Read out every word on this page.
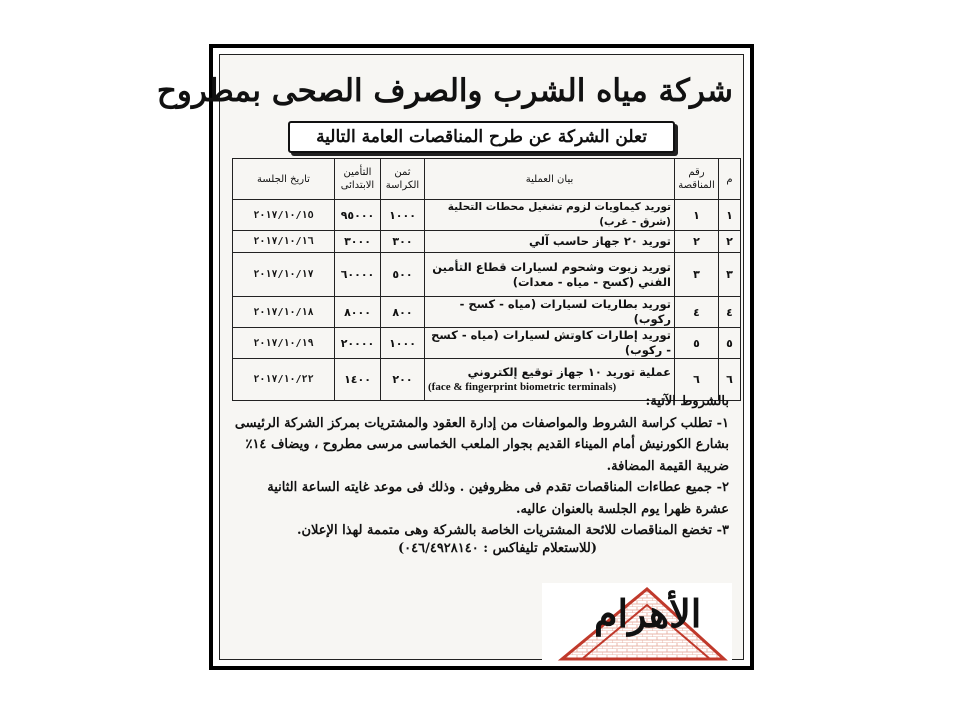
شركة مياه الشرب والصرف الصحى بمطروح
تعلن الشركة عن طرح المناقصات العامة التالية
م	رقم المناقصة	بيان العملية	ثمن الكراسة	التأمين الابتدائى	تاريخ الجلسة
١	١	توريد كيماويات لزوم تشغيل محطات التحلية (شرق - غرب)	١٠٠٠	٩٥٠٠٠	٢٠١٧/١٠/١٥
٢	٢	توريد ٢٠ جهاز حاسب آلي	٣٠٠	٣٠٠٠	٢٠١٧/١٠/١٦
٣	٣	توريد زيوت وشحوم لسيارات قطاع التأمين الفني (كسح - مياه - معدات)	٥٠٠	٦٠٠٠٠	٢٠١٧/١٠/١٧
٤	٤	توريد بطاريات لسيارات (مياه - كسح - ركوب)	٨٠٠	٨٠٠٠	٢٠١٧/١٠/١٨
٥	٥	توريد إطارات كاوتش لسيارات (مياه - كسح - ركوب)	١٠٠٠	٢٠٠٠٠	٢٠١٧/١٠/١٩
٦	٦	عملية توريد ١٠ جهاز توقيع إلكتروني
(face & fingerprint biometric terminals)	٢٠٠	١٤٠٠	٢٠١٧/١٠/٢٢

بالشروط الآتية:

١- تطلب كراسة الشروط والمواصفات من إدارة العقود والمشتريات بمركز الشركة الرئيسى بشارع الكورنيش أمام الميناء القديم بجوار الملعب الخماسى مرسى مطروح ، ويضاف ١٤٪ ضريبة القيمة المضافة.

٢- جميع عطاءات المناقصات تقدم فى مظروفين . وذلك فى موعد غايته الساعة الثانية عشرة ظهرا يوم الجلسة بالعنوان عاليه.

٣- تخضع المناقصات للائحة المشتريات الخاصة بالشركة وهى متممة لهذا الإعلان.

(للاستعلام تليفاكس : ٠٤٦/٤٩٢٨١٤٠)
الأهرام
